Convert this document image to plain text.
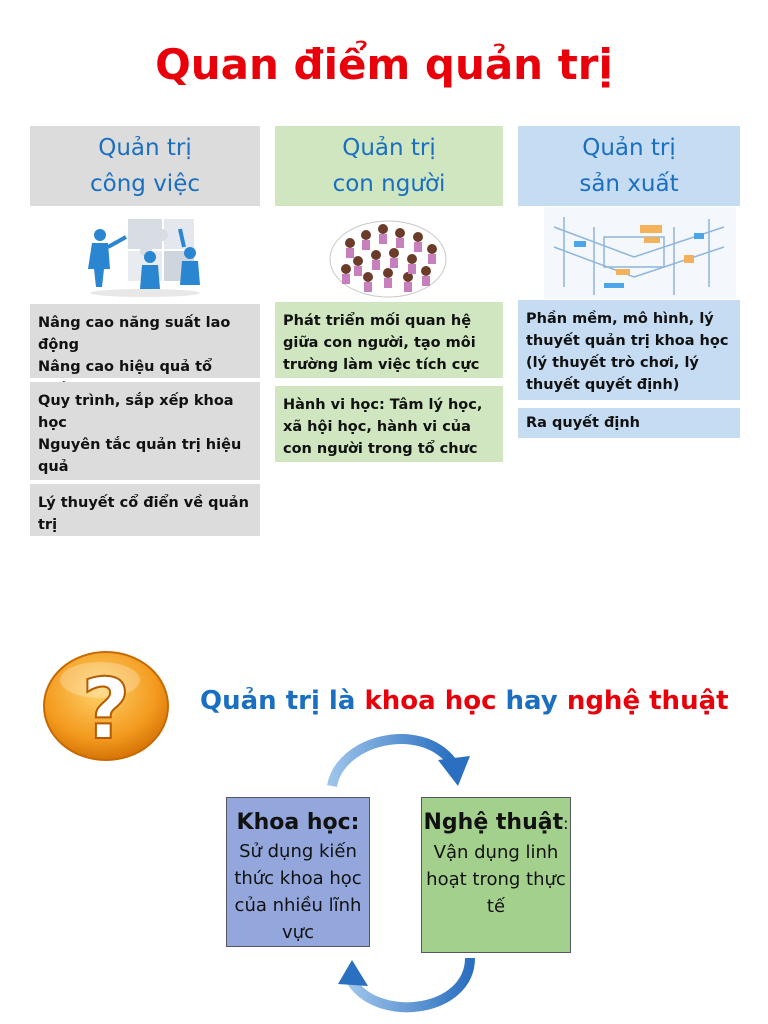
Quan điểm quản trị
Quản trị
công việc
Quản trị
con người
Quản trị
sản xuất
Nâng cao năng suất lao động
Nâng cao hiệu quả tổ
Quy trình, sắp xếp khoa học
Nguyên tắc quản trị hiệu quả
Lý thuyết cổ điển về quản trị
Phát triển mối quan hệ giữa con người, tạo môi trường làm việc tích cực
Hành vi học: Tâm lý học, xã hội học, hành vi của con người trong tổ chưc
Phần mềm, mô hình, lý thuyết quản trị khoa học (lý thuyết trò chơi, lý thuyết quyết định)
Ra quyết định
?	Quản trị là khoa học hay nghệ thuật
Khoa học:
Sử dụng kiến thức khoa học của nhiều lĩnh vực
Nghệ thuật:
Vận dụng linh hoạt trong thực tế
